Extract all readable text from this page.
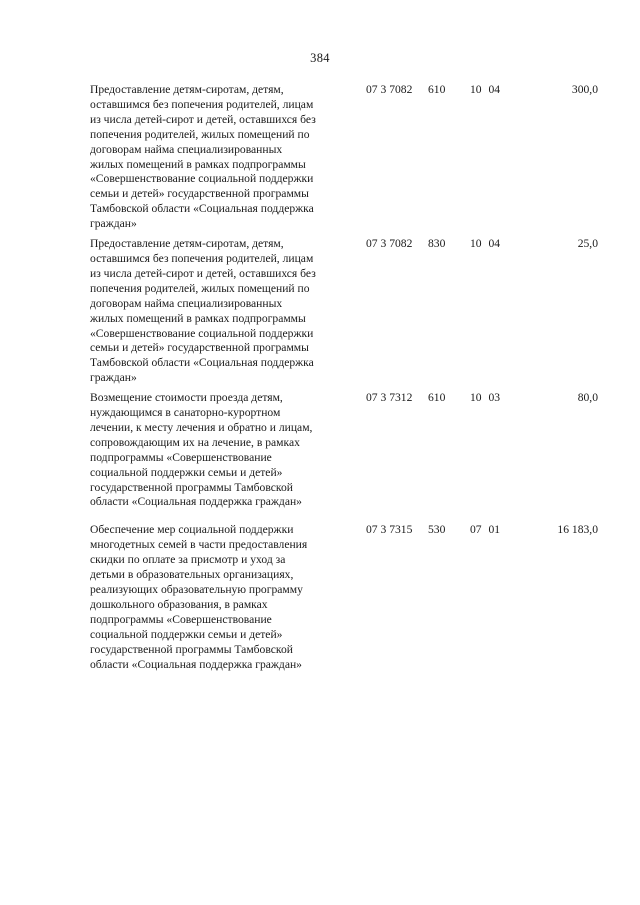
384
Предоставление детям-сиротам, детям,
оставшимся без попечения родителей, лицам
из числа детей-сирот и детей, оставшихся без
попечения родителей, жилых помещений по
договорам найма специализированных
жилых помещений в рамках подпрограммы
«Совершенствование социальной поддержки
семьи и детей» государственной программы
Тамбовской области «Социальная поддержка
граждан»
07 3 7082	610	10 04	300,0
Предоставление детям-сиротам, детям,
оставшимся без попечения родителей, лицам
из числа детей-сирот и детей, оставшихся без
попечения родителей, жилых помещений по
договорам найма специализированных
жилых помещений в рамках подпрограммы
«Совершенствование социальной поддержки
семьи и детей» государственной программы
Тамбовской области «Социальная поддержка
граждан»
07 3 7082	830	10 04	25,0
Возмещение стоимости проезда детям,
нуждающимся в санаторно-курортном
лечении, к месту лечения и обратно и лицам,
сопровождающим их на лечение, в рамках
подпрограммы «Совершенствование
социальной поддержки семьи и детей»
государственной программы Тамбовской
области «Социальная поддержка граждан»
07 3 7312	610	10 03	80,0
Обеспечение мер социальной поддержки
многодетных семей в части предоставления
скидки по оплате за присмотр и уход за
детьми в образовательных организациях,
реализующих образовательную программу
дошкольного образования, в рамках
подпрограммы «Совершенствование
социальной поддержки семьи и детей»
государственной программы Тамбовской
области «Социальная поддержка граждан»
07 3 7315	530	07 01	16 183,0
